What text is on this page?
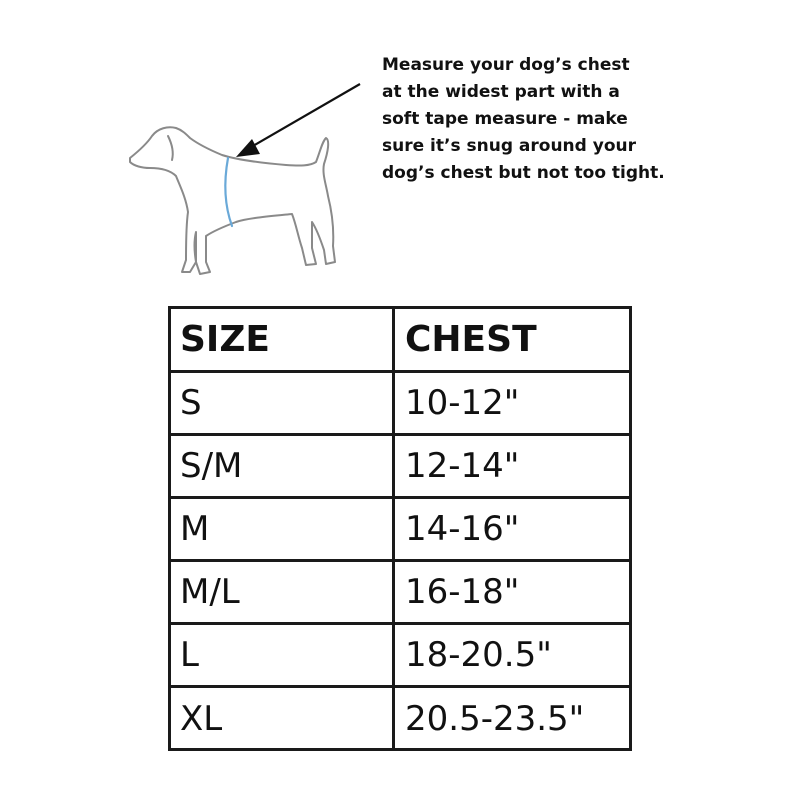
Measure your dog’s chest
at the widest part with a
soft tape measure - make
sure it’s snug around your
dog’s chest but not too tight.
SIZE	CHEST
S	10-12"
S/M	12-14"
M	14-16"
M/L	16-18"
L	18-20.5"
XL	20.5-23.5"
